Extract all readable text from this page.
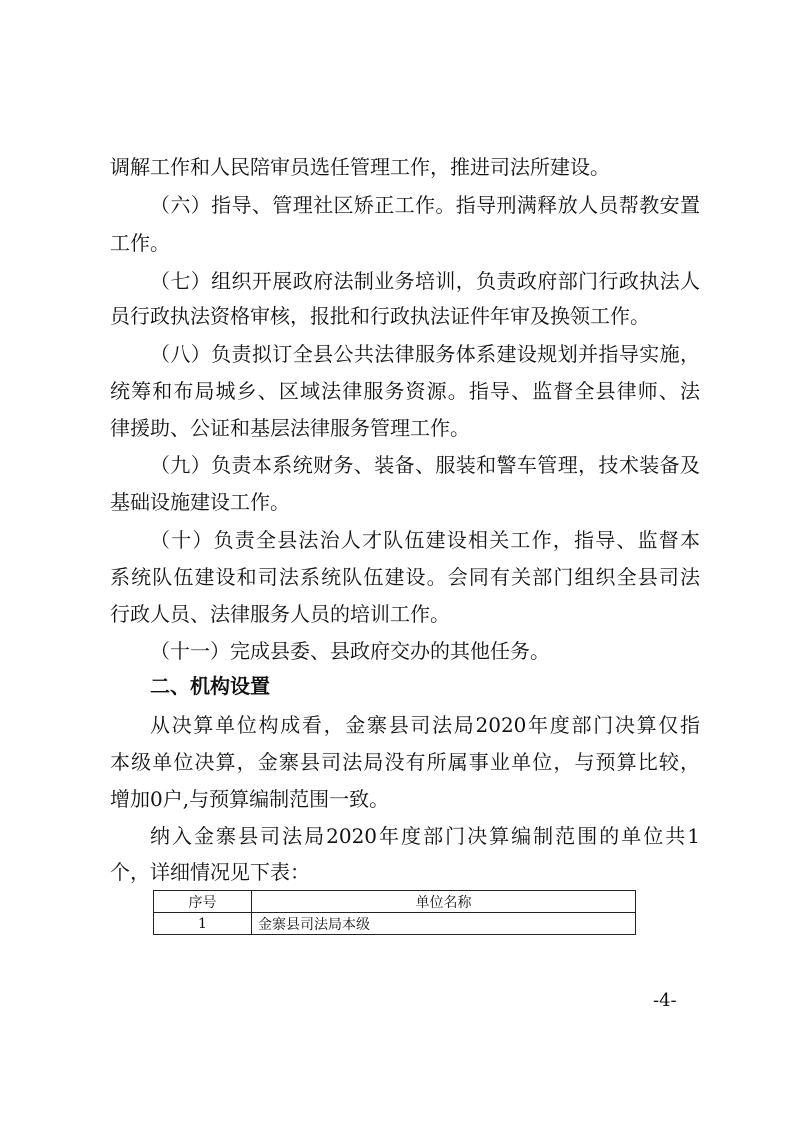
调解工作和人民陪审员选任管理工作，推进司法所建设。
（六）指导、管理社区矫正工作。指导刑满释放人员帮教安置
工作。
（七）组织开展政府法制业务培训，负责政府部门行政执法人
员行政执法资格审核，报批和行政执法证件年审及换领工作。
（八）负责拟订全县公共法律服务体系建设规划并指导实施，
统筹和布局城乡、区域法律服务资源。指导、监督全县律师、法
律援助、公证和基层法律服务管理工作。
（九）负责本系统财务、装备、服装和警车管理，技术装备及
基础设施建设工作。
（十）负责全县法治人才队伍建设相关工作，指导、监督本
系统队伍建设和司法系统队伍建设。会同有关部门组织全县司法
行政人员、法律服务人员的培训工作。
（十一）完成县委、县政府交办的其他任务。
二、机构设置
从决算单位构成看，金寨县司法局2020年度部门决算仅指
本级单位决算，金寨县司法局没有所属事业单位，与预算比较，
增加0户,与预算编制范围一致。
纳入金寨县司法局2020年度部门决算编制范围的单位共1
个，详细情况见下表：
序号	单位名称
1	金寨县司法局本级
-4-
